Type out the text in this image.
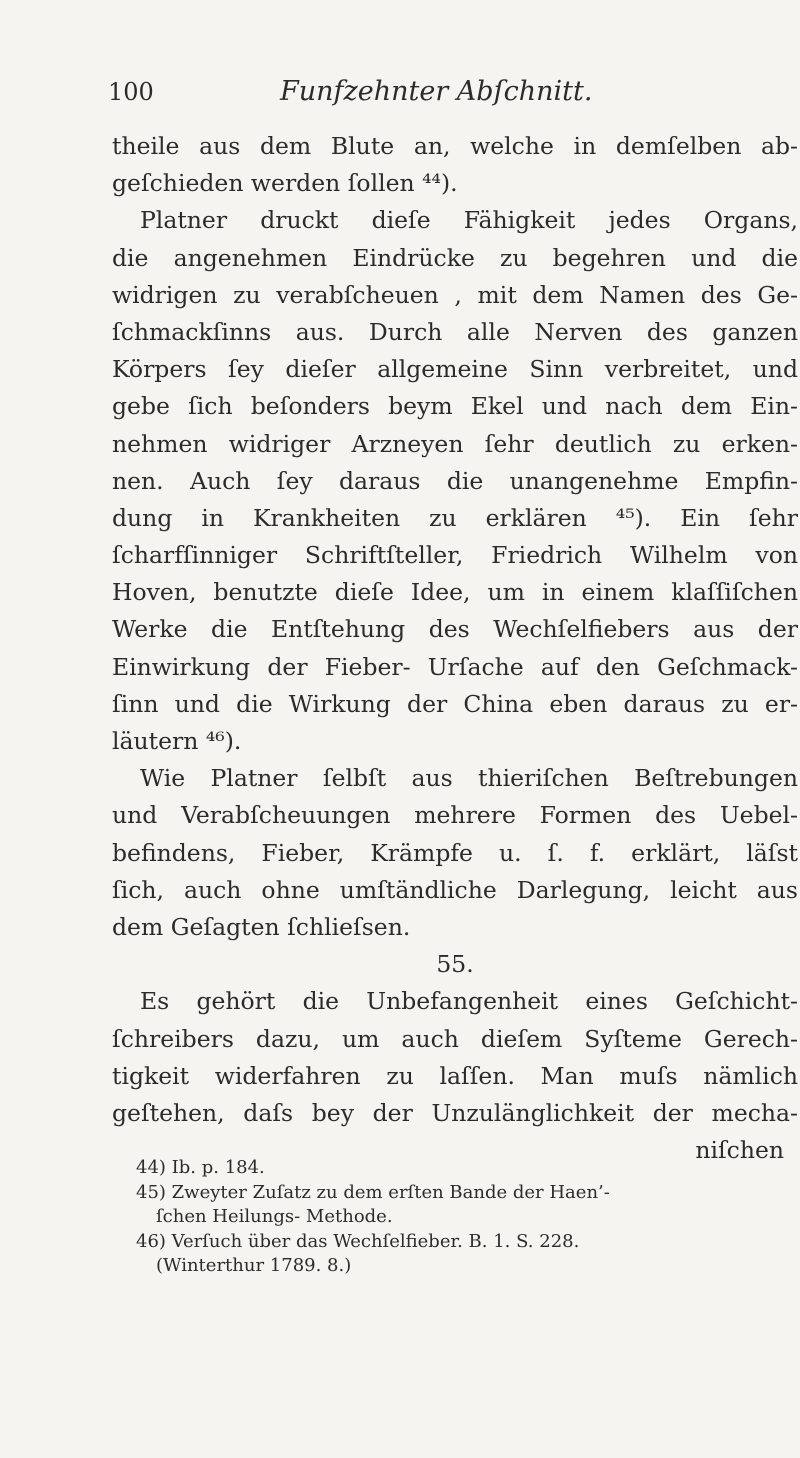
100	Funfzehnter Abſchnitt.
theile aus dem Blute an, welche in demſelben ab-
geſchieden werden ſollen ⁴⁴).
Platner druckt dieſe Fähigkeit jedes Organs,
die angenehmen Eindrücke zu begehren und die
widrigen zu verabſcheuen , mit dem Namen des Ge-
ſchmackſinns aus. Durch alle Nerven des ganzen
Körpers ſey dieſer allgemeine Sinn verbreitet, und
gebe ſich beſonders beym Ekel und nach dem Ein-
nehmen widriger Arzneyen ſehr deutlich zu erken-
nen. Auch ſey daraus die unangenehme Empfin-
dung in Krankheiten zu erklären ⁴⁵). Ein ſehr
ſcharfſinniger Schriftſteller, Friedrich Wilhelm von
Hoven, benutzte dieſe Idee, um in einem klaſſiſchen
Werke die Entſtehung des Wechſelfiebers aus der
Einwirkung der Fieber- Urſache auf den Geſchmack-
ſinn und die Wirkung der China eben daraus zu er-
läutern ⁴⁶).
Wie Platner ſelbſt aus thieriſchen Beſtrebungen
und Verabſcheuungen mehrere Formen des Uebel-
befindens, Fieber, Krämpfe u. ſ. f. erklärt, läſst
ſich, auch ohne umſtändliche Darlegung, leicht aus
dem Geſagten ſchlieſsen.
55.
Es gehört die Unbefangenheit eines Geſchicht-
ſchreibers dazu, um auch dieſem Syſteme Gerech-
tigkeit widerfahren zu laſſen. Man muſs nämlich
geſtehen, daſs bey der Unzulänglichkeit der mecha-
niſchen
44) Ib. p. 184.
45) Zweyter Zuſatz zu dem erſten Bande der Haen’-
ſchen Heilungs- Methode.
46) Verſuch über das Wechſelfieber. B. 1. S. 228.
(Winterthur 1789. 8.)
